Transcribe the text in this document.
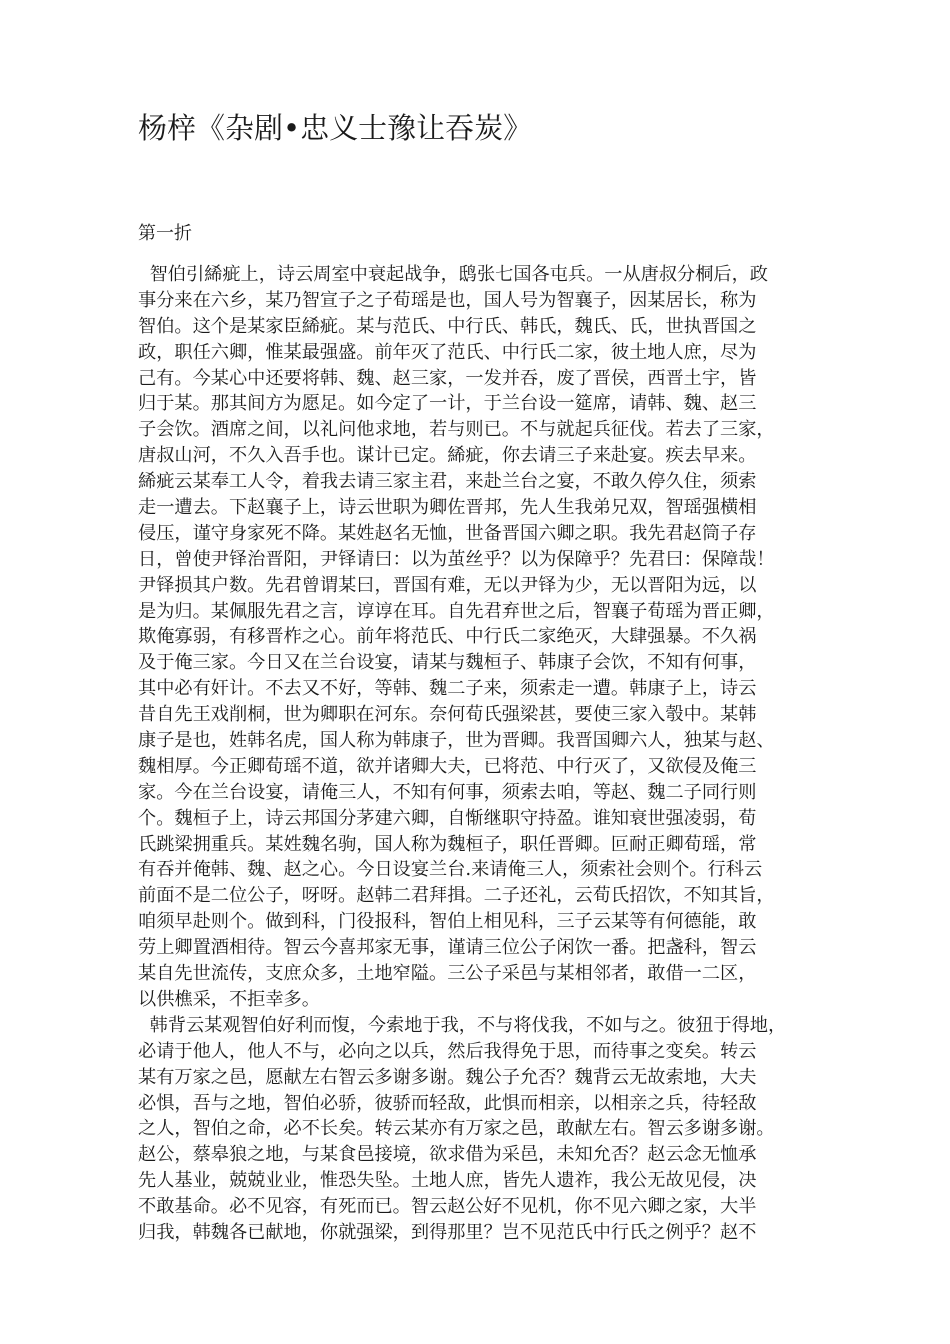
杨梓《杂剧•忠义士豫让吞炭》
第一折
智伯引絺疵上，诗云周室中衰起战争，鸱张七国各屯兵。一从唐叔分桐后，政
事分来在六乡，某乃智宣子之子荀瑶是也，国人号为智襄子，因某居长，称为
智伯。这个是某家臣絺疵。某与范氏、中行氏、韩氏，魏氏、氏，世执晋国之
政，职任六卿，惟某最强盛。前年灭了范氏、中行氏二家，彼土地人庶，尽为
己有。今某心中还要将韩、魏、赵三家，一发并吞，废了晋侯，西晋土宇，皆
归于某。那其间方为愿足。如今定了一计，于兰台设一筵席，请韩、魏、赵三
子会饮。酒席之间，以礼问他求地，若与则已。不与就起兵征伐。若去了三家，
唐叔山河，不久入吾手也。谋计已定。絺疵，你去请三子来赴宴。疾去早来。
絺疵云某奉工人令，着我去请三家主君，来赴兰台之宴，不敢久停久住，须索
走一遭去。下赵襄子上，诗云世职为卿佐晋邦，先人生我弟兄双，智瑶强横相
侵压，谨守身家死不降。某姓赵名无恤，世备晋国六卿之职。我先君赵筒子存
日，曾使尹铎治晋阳，尹铎请曰：以为茧丝乎？以为保障乎？先君曰：保障哉！
尹铎损其户数。先君曾谓某曰，晋国有难，无以尹铎为少，无以晋阳为远，以
是为归。某佩服先君之言，谆谆在耳。自先君弃世之后，智襄子荀瑶为晋正卿，
欺俺寡弱，有移晋柞之心。前年将范氏、中行氏二家绝灭，大肆强暴。不久祸
及于俺三家。今日又在兰台设宴，请某与魏桓子、韩康子会饮，不知有何事，
其中必有奸计。不去又不好，等韩、魏二子来，须索走一遭。韩康子上，诗云
昔自先王戏削桐，世为卿职在河东。奈何荀氏强梁甚，要使三家入彀中。某韩
康子是也，姓韩名虎，国人称为韩康子，世为晋卿。我晋国卿六人，独某与赵、
魏相厚。今正卿荀瑶不道，欲并诸卿大夫，已将范、中行灭了，又欲侵及俺三
家。今在兰台设宴，请俺三人，不知有何事，须索去咱，等赵、魏二子同行则
个。魏桓子上，诗云邦国分茅建六卿，自惭继职守持盈。谁知衰世强凌弱，荀
氏跳梁拥重兵。某姓魏名驹，国人称为魏桓子，职任晋卿。叵耐正卿荀瑶，常
有吞并俺韩、魏、赵之心。今日设宴兰台.来请俺三人，须索社会则个。行科云
前面不是二位公子，呀呀。赵韩二君拜揖。二子还礼，云荀氏招饮，不知其旨，
咱须早赴则个。做到科，门役报科，智伯上相见科，三子云某等有何德能，敢
劳上卿置酒相待。智云今喜邦家无事，谨请三位公子闲饮一番。把盏科，智云
某自先世流传，支庶众多，土地窄隘。三公子采邑与某相邻者，敢借一二区，
以供樵采，不拒幸多。
韩背云某观智伯好利而愎，今索地于我，不与将伐我，不如与之。彼狃于得地，
必请于他人，他人不与，必向之以兵，然后我得免于思，而待事之变矣。转云
某有万家之邑，愿献左右智云多谢多谢。魏公子允否？魏背云无故索地，大夫
必惧，吾与之地，智伯必骄，彼骄而轻敌，此惧而相亲，以相亲之兵，待轻敌
之人，智伯之命，必不长矣。转云某亦有万家之邑，敢献左右。智云多谢多谢。
赵公，蔡皋狼之地，与某食邑接境，欲求借为采邑，未知允否？赵云念无恤承
先人基业，兢兢业业，惟恐失坠。土地人庶，皆先人遗祚，我公无故见侵，决
不敢基命。必不见容，有死而已。智云赵公好不见机，你不见六卿之家，大半
归我，韩魏各已献地，你就强梁，到得那里？岂不见范氏中行氏之例乎？赵不
